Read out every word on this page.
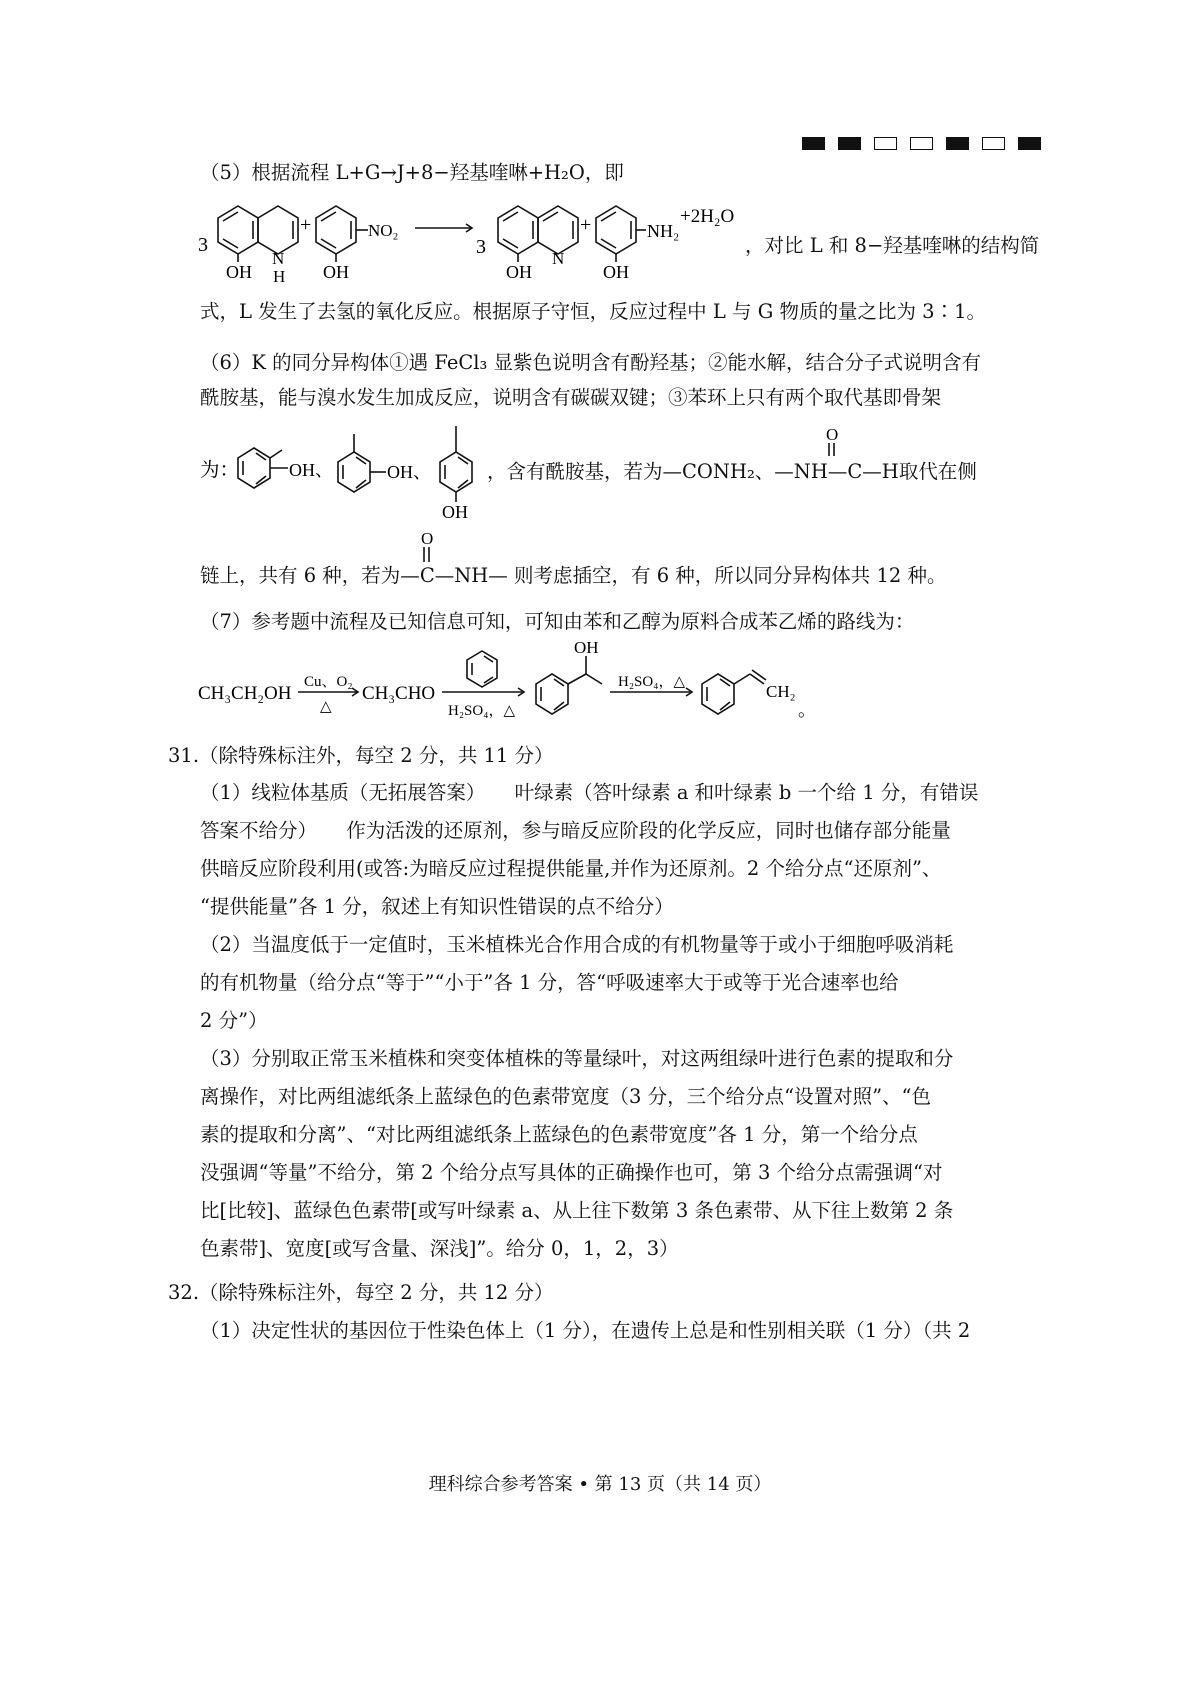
（5）根据流程 L+G→J+8−羟基喹啉+H₂O，即
3
OH
N
H
+	NO₂
OH
3
OH
N
+	NH₂
+2H₂O
OH
，对比 L 和 8−羟基喹啉的结构简
式，L 发生了去氢的氧化反应。根据原子守恒，反应过程中 L 与 G 物质的量之比为 3∶1。
（6）K 的同分异构体①遇 FeCl₃ 显紫色说明含有酚羟基；②能水解，结合分子式说明含有
酰胺基，能与溴水发生加成反应，说明含有碳碳双键；③苯环上只有两个取代基即骨架
为：	OH、	OH、
OH
O
，含有酰胺基，若为—CONH₂、—NH—C—H取代在侧
O
链上，共有 6 种，若为—C—NH— 则考虑插空，有 6 种，所以同分异构体共 12 种。
（7）参考题中流程及已知信息可知，可知由苯和乙醇为原料合成苯乙烯的路线为：
CH₃CH₂OH
Cu、O₂
△
CH₃CHO
H₂SO₄，△
OH
H₂SO₄，△	CH₂
。
31.（除特殊标注外，每空 2 分，共 11 分）
（1）线粒体基质（无拓展答案）　　叶绿素（答叶绿素 a 和叶绿素 b 一个给 1 分，有错误
答案不给分）　　作为活泼的还原剂，参与暗反应阶段的化学反应，同时也储存部分能量
供暗反应阶段利用(或答:为暗反应过程提供能量,并作为还原剂。2 个给分点“还原剂”、
“提供能量”各 1 分，叙述上有知识性错误的点不给分）
（2）当温度低于一定值时，玉米植株光合作用合成的有机物量等于或小于细胞呼吸消耗
的有机物量（给分点“等于”“小于”各 1 分，答“呼吸速率大于或等于光合速率也给
2 分”）
（3）分别取正常玉米植株和突变体植株的等量绿叶，对这两组绿叶进行色素的提取和分
离操作，对比两组滤纸条上蓝绿色的色素带宽度（3 分，三个给分点“设置对照”、“色
素的提取和分离”、“对比两组滤纸条上蓝绿色的色素带宽度”各 1 分，第一个给分点
没强调“等量”不给分，第 2 个给分点写具体的正确操作也可，第 3 个给分点需强调“对
比[比较]、蓝绿色色素带[或写叶绿素 a、从上往下数第 3 条色素带、从下往上数第 2 条
色素带]、宽度[或写含量、深浅]”。给分 0，1，2，3）
32.（除特殊标注外，每空 2 分，共 12 分）
（1）决定性状的基因位于性染色体上（1 分），在遗传上总是和性别相关联（1 分）（共 2
理科综合参考答案 • 第 13 页（共 14 页）
